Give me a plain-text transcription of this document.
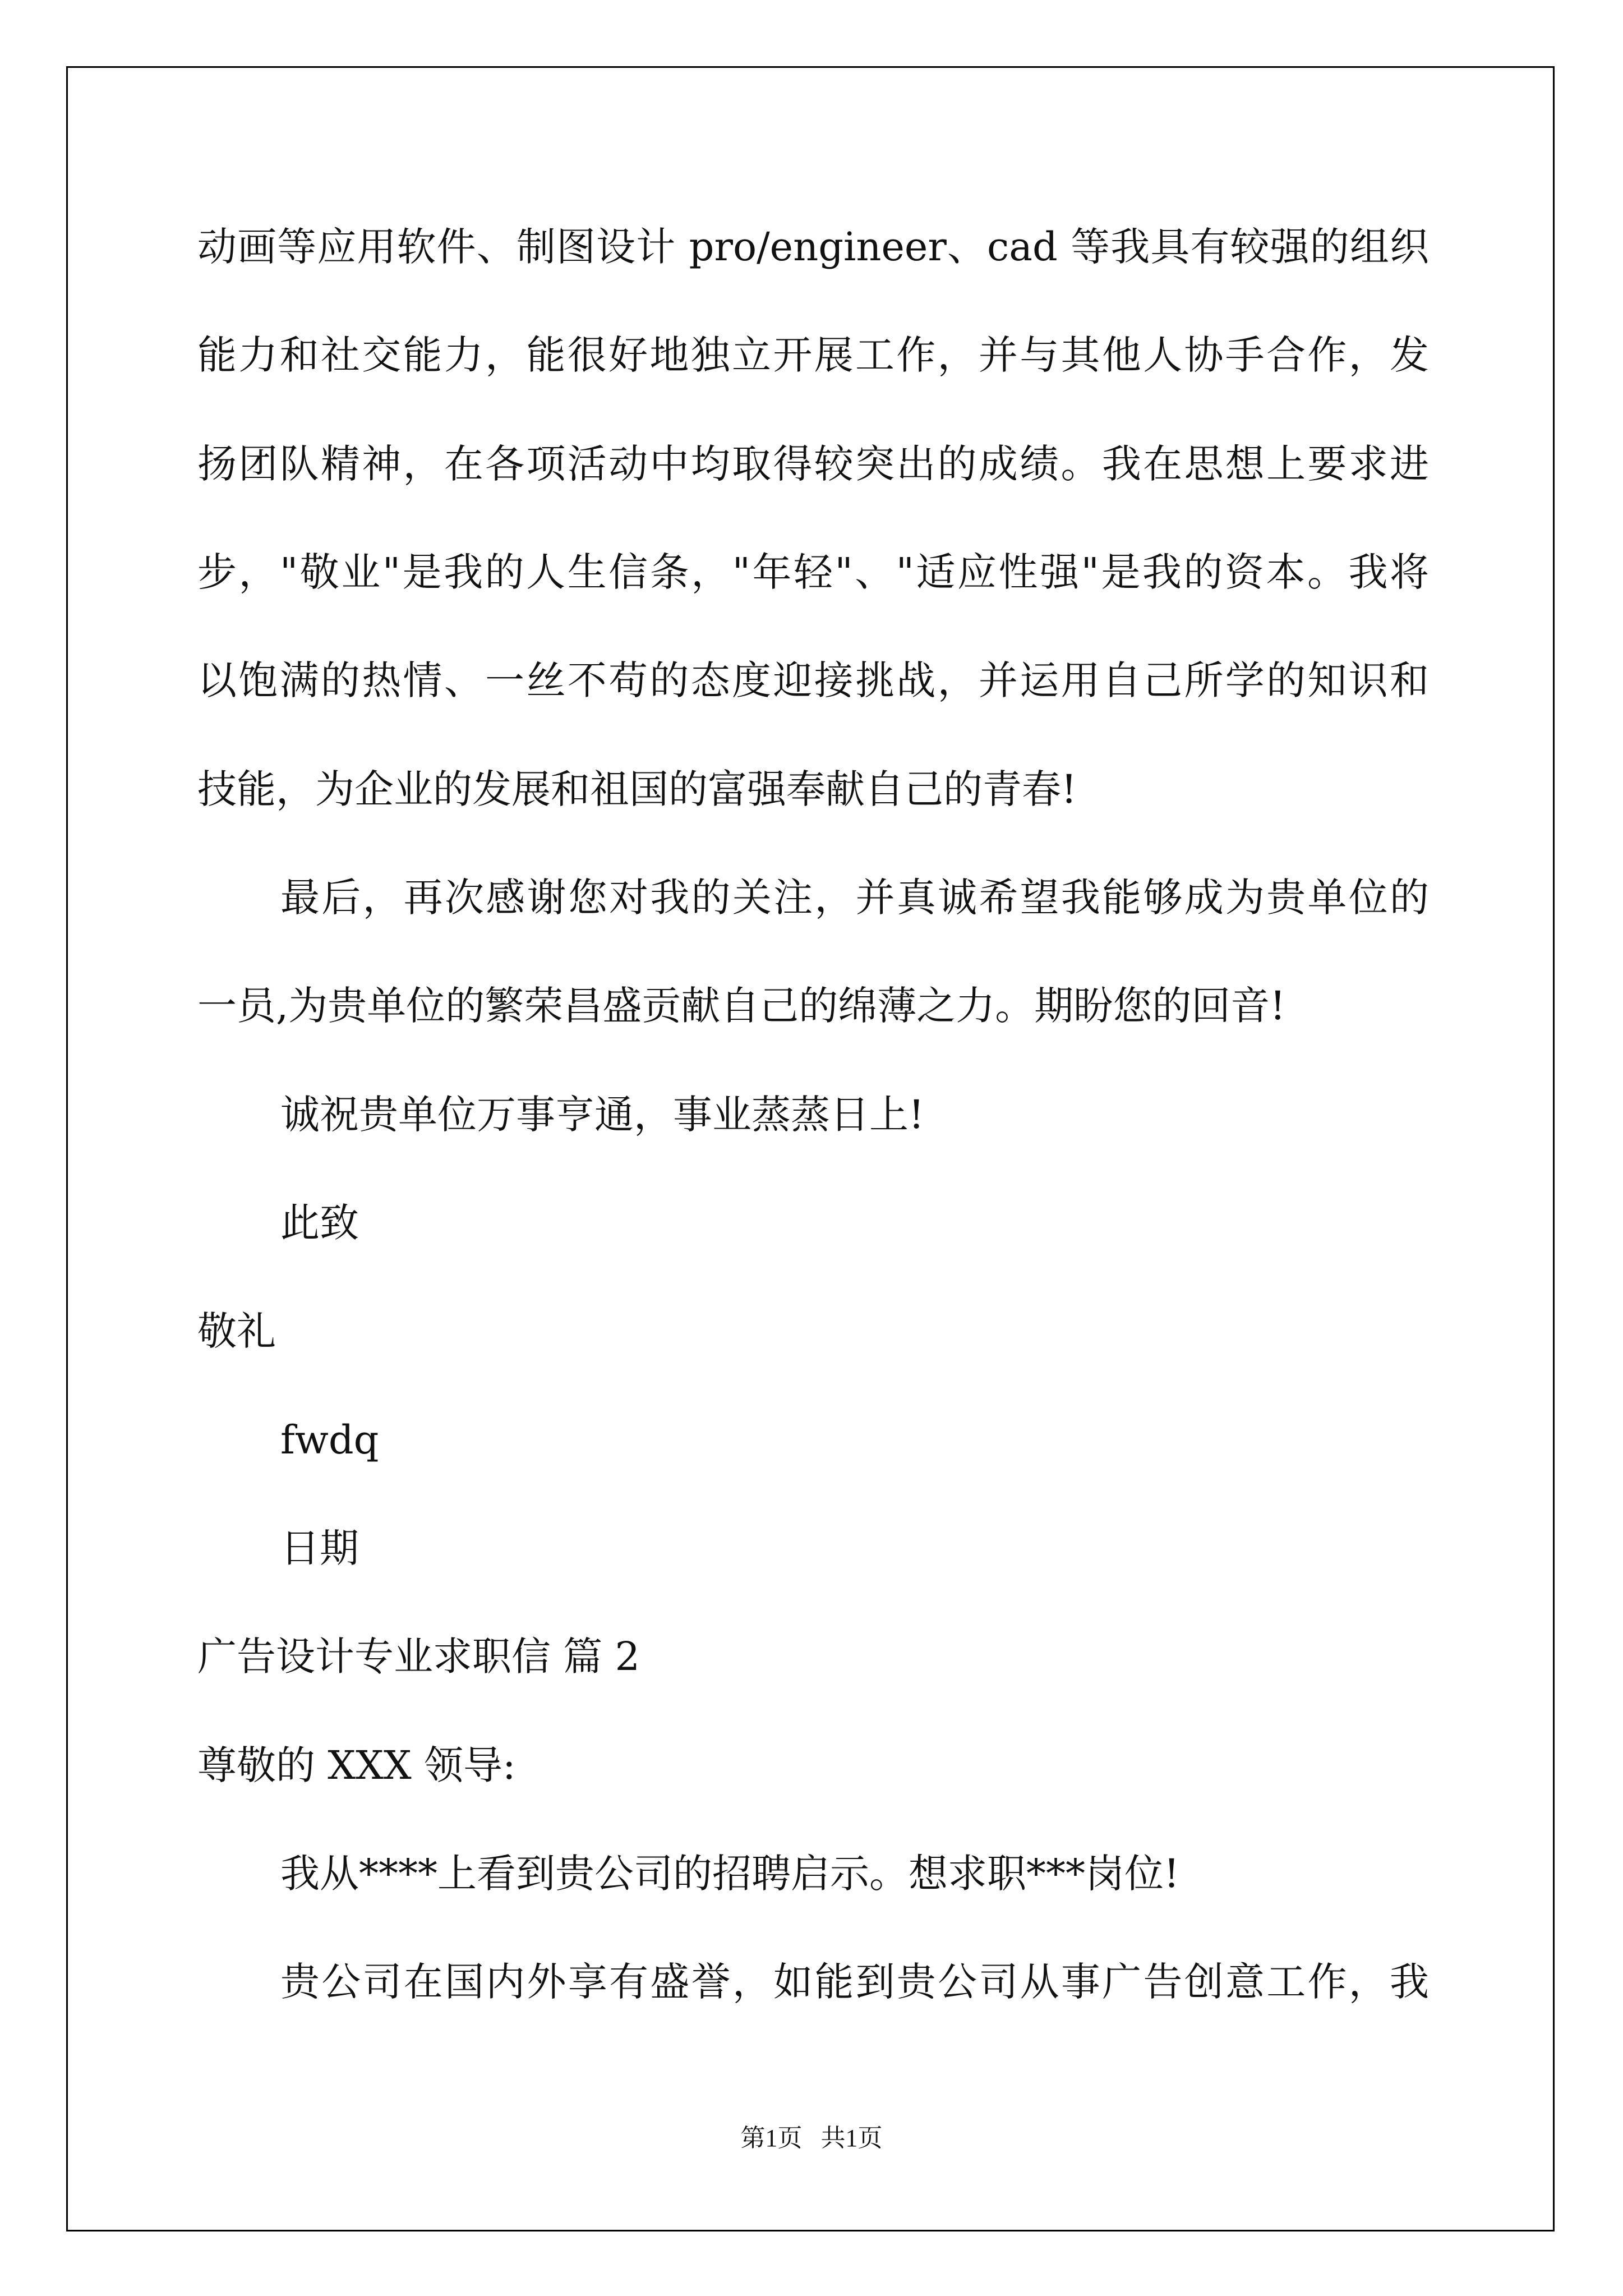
动画等应用软件、制图设计 pro/engineer、cad 等我具有较强的组织
能力和社交能力，能很好地独立开展工作，并与其他人协手合作，发
扬团队精神，在各项活动中均取得较突出的成绩。我在思想上要求进
步，"敬业"是我的人生信条，"年轻"、"适应性强"是我的资本。我将
以饱满的热情、一丝不苟的态度迎接挑战，并运用自己所学的知识和
技能，为企业的发展和祖国的富强奉献自己的青春!
最后，再次感谢您对我的关注，并真诚希望我能够成为贵单位的
一员,为贵单位的繁荣昌盛贡献自己的绵薄之力。期盼您的回音!
诚祝贵单位万事亨通，事业蒸蒸日上!
此致
敬礼
fwdq
日期
广告设计专业求职信 篇 2
尊敬的 XXX 领导:
我从****上看到贵公司的招聘启示。想求职***岗位!
贵公司在国内外享有盛誉，如能到贵公司从事广告创意工作，我
第1页   共1页
